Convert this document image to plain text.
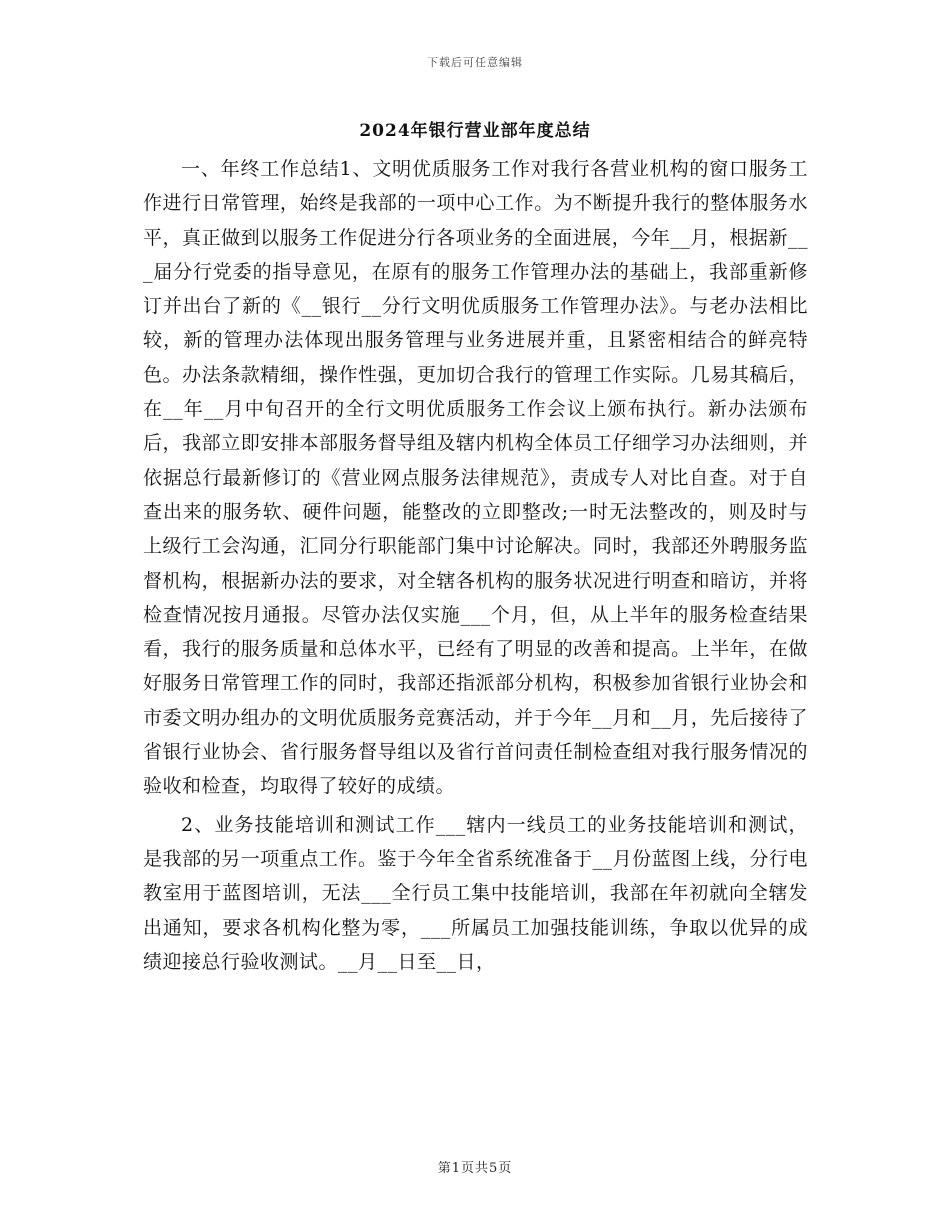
下载后可任意编辑
2024年银行营业部年度总结

一、年终工作总结1、文明优质服务工作对我行各营业机构的窗口服务工作进行日常管理，始终是我部的一项中心工作。为不断提升我行的整体服务水平，真正做到以服务工作促进分行各项业务的全面进展，今年__月，根据新___届分行党委的指导意见，在原有的服务工作管理办法的基础上，我部重新修订并出台了新的《__银行__分行文明优质服务工作管理办法》。与老办法相比较，新的管理办法体现出服务管理与业务进展并重，且紧密相结合的鲜亮特色。办法条款精细，操作性强，更加切合我行的管理工作实际。几易其稿后，在__年__月中旬召开的全行文明优质服务工作会议上颁布执行。新办法颁布后，我部立即安排本部服务督导组及辖内机构全体员工仔细学习办法细则，并依据总行最新修订的《营业网点服务法律规范》，责成专人对比自查。对于自查出来的服务软、硬件问题，能整改的立即整改;一时无法整改的，则及时与上级行工会沟通，汇同分行职能部门集中讨论解决。同时，我部还外聘服务监督机构，根据新办法的要求，对全辖各机构的服务状况进行明查和暗访，并将检查情况按月通报。尽管办法仅实施___个月，但，从上半年的服务检查结果看，我行的服务质量和总体水平，已经有了明显的改善和提高。上半年，在做好服务日常管理工作的同时，我部还指派部分机构，积极参加省银行业协会和市委文明办组办的文明优质服务竞赛活动，并于今年__月和__月，先后接待了省银行业协会、省行服务督导组以及省行首问责任制检查组对我行服务情况的验收和检查，均取得了较好的成绩。

2、业务技能培训和测试工作___辖内一线员工的业务技能培训和测试，是我部的另一项重点工作。鉴于今年全省系统准备于__月份蓝图上线，分行电教室用于蓝图培训，无法___全行员工集中技能培训，我部在年初就向全辖发出通知，要求各机构化整为零，___所属员工加强技能训练，争取以优异的成绩迎接总行验收测试。__月__日至__日，

第1页共5页
